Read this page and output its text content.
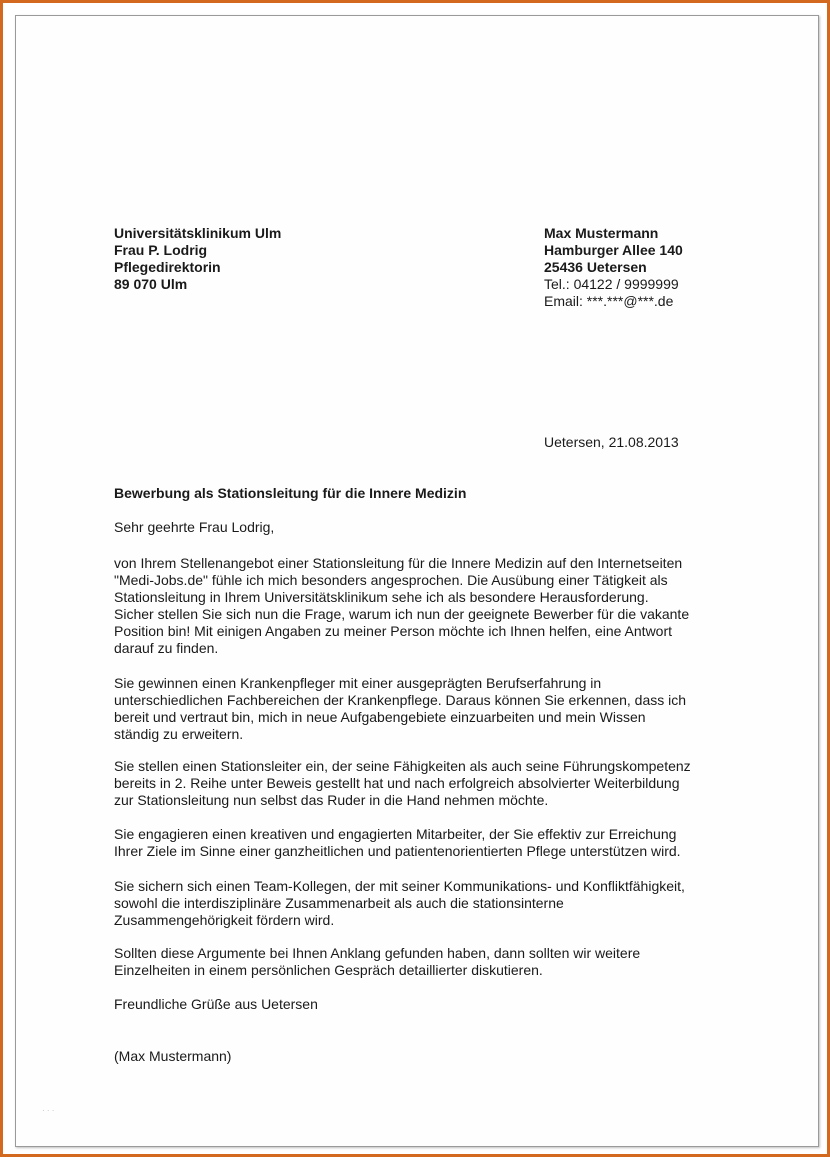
Universitätsklinikum Ulm
Frau P. Lodrig
Pflegedirektorin
89 070 Ulm
Max Mustermann
Hamburger Allee 140
25436 Uetersen
Tel.: 04122 / 9999999
Email: ***.***@***.de
Uetersen, 21.08.2013
Bewerbung als Stationsleitung für die Innere Medizin
Sehr geehrte Frau Lodrig,
von Ihrem Stellenangebot einer Stationsleitung für die Innere Medizin auf den Internetseiten
"Medi-Jobs.de" fühle ich mich besonders angesprochen. Die Ausübung einer Tätigkeit als
Stationsleitung in Ihrem Universitätsklinikum sehe ich als besondere Herausforderung.
Sicher stellen Sie sich nun die Frage, warum ich nun der geeignete Bewerber für die vakante
Position bin! Mit einigen Angaben zu meiner Person möchte ich Ihnen helfen, eine Antwort
darauf zu finden.
Sie gewinnen einen Krankenpfleger mit einer ausgeprägten Berufserfahrung in
unterschiedlichen Fachbereichen der Krankenpflege. Daraus können Sie erkennen, dass ich
bereit und vertraut bin, mich in neue Aufgabengebiete einzuarbeiten und mein Wissen
ständig zu erweitern.
Sie stellen einen Stationsleiter ein, der seine Fähigkeiten als auch seine Führungskompetenz
bereits in 2. Reihe unter Beweis gestellt hat und nach erfolgreich absolvierter Weiterbildung
zur Stationsleitung nun selbst das Ruder in die Hand nehmen möchte.
Sie engagieren einen kreativen und engagierten Mitarbeiter, der Sie effektiv zur Erreichung
Ihrer Ziele im Sinne einer ganzheitlichen und patientenorientierten Pflege unterstützen wird.
Sie sichern sich einen Team-Kollegen, der mit seiner Kommunikations- und Konfliktfähigkeit,
sowohl die interdisziplinäre Zusammenarbeit als auch die stationsinterne
Zusammengehörigkeit fördern wird.
Sollten diese Argumente bei Ihnen Anklang gefunden haben, dann sollten wir weitere
Einzelheiten in einem persönlichen Gespräch detaillierter diskutieren.
Freundliche Grüße aus Uetersen
(Max Mustermann)
· · ·
